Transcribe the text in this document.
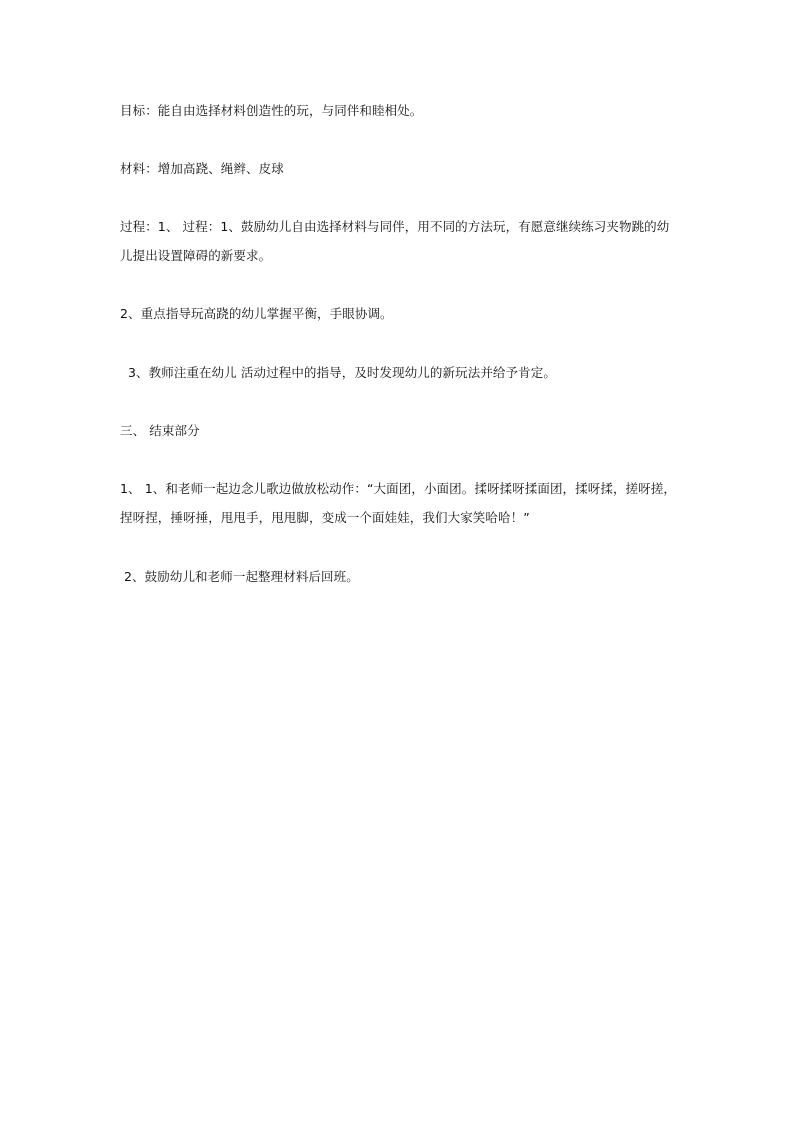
目标：能自由选择材料创造性的玩，与同伴和睦相处。
材料：增加高跷、绳辫、皮球
过程：1、 过程：1、鼓励幼儿自由选择材料与同伴，用不同的方法玩，有愿意继续练习夹物跳的幼儿提出设置障碍的新要求。
2、重点指导玩高跷的幼儿掌握平衡，手眼协调。
3、教师注重在幼儿 活动过程中的指导，及时发现幼儿的新玩法并给予肯定。
三、 结束部分
1、 1、和老师一起边念儿歌边做放松动作：“大面团，小面团。揉呀揉呀揉面团，揉呀揉，搓呀搓，捏呀捏，捶呀捶，甩甩手，甩甩脚，变成一个面娃娃，我们大家笑哈哈！”
2、鼓励幼儿和老师一起整理材料后回班。
